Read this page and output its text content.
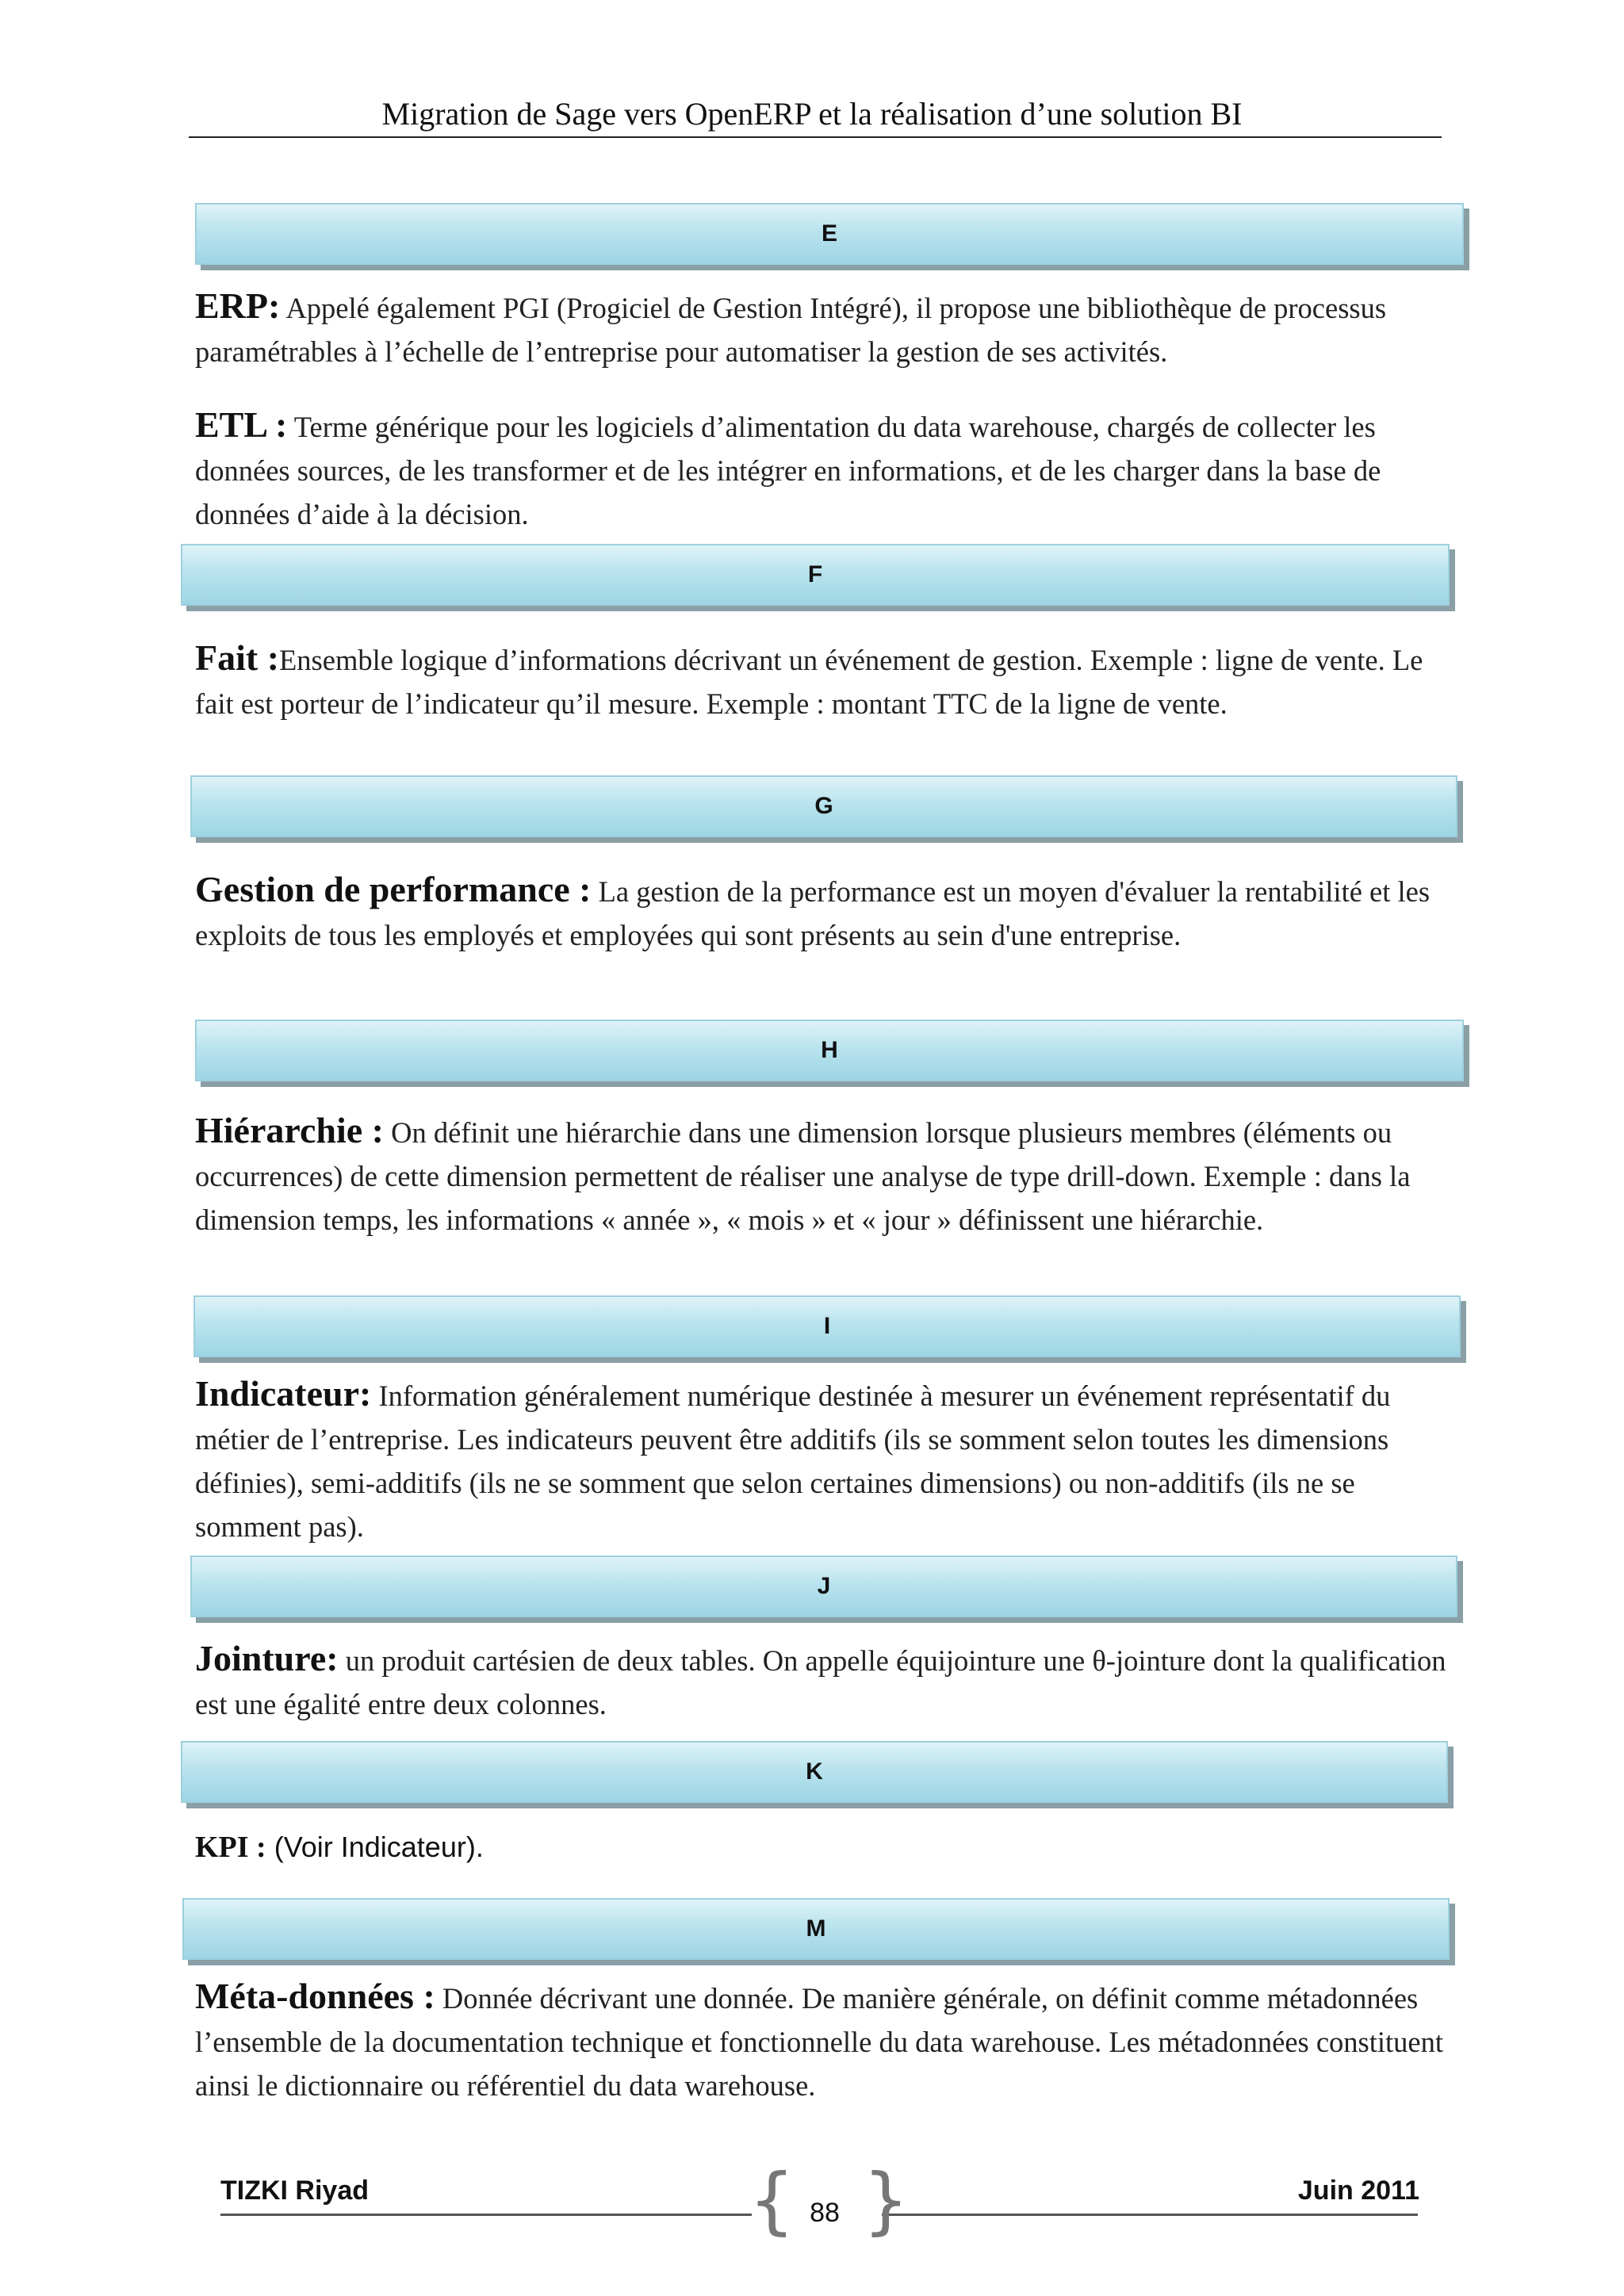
Migration de Sage vers OpenERP et la réalisation d’une solution BI
E
ERP: Appelé également PGI (Progiciel de Gestion Intégré), il propose une bibliothèque de processus paramétrables à l’échelle de l’entreprise pour automatiser la gestion de ses activités.
ETL : Terme générique pour les logiciels d’alimentation du data warehouse, chargés de collecter les données sources, de les transformer et de les intégrer en informations, et de les charger dans la base de données d’aide à la décision.
F
Fait :Ensemble logique d’informations décrivant un événement de gestion. Exemple : ligne de vente. Le fait est porteur de l’indicateur qu’il mesure. Exemple : montant TTC de la ligne de vente.
G
Gestion de performance : La gestion de la performance est un moyen d'évaluer la rentabilité et les exploits de tous les employés et employées qui sont présents au sein d'une entreprise.
H
Hiérarchie : On définit une hiérarchie dans une dimension lorsque plusieurs membres (éléments ou occurrences) de cette dimension permettent de réaliser une analyse de type drill-down. Exemple : dans la dimension temps, les informations « année », « mois » et « jour » définissent une hiérarchie.
I
Indicateur: Information généralement numérique destinée à mesurer un événement représentatif du métier de l’entreprise. Les indicateurs peuvent être additifs (ils se somment selon toutes les dimensions définies), semi-additifs (ils ne se somment que selon certaines dimensions) ou non-additifs (ils ne se somment pas).
J
Jointure: un produit cartésien de deux tables. On appelle équijointure une θ-jointure dont la qualification est une égalité entre deux colonnes.
K
KPI : (Voir Indicateur).
M
Méta-données : Donnée décrivant une donnée. De manière générale, on définit comme métadonnées l’ensemble de la documentation technique et fonctionnelle du data warehouse. Les métadonnées constituent ainsi le dictionnaire ou référentiel du data warehouse.
TIZKI Riyad	Juin 2011
{ }
88
